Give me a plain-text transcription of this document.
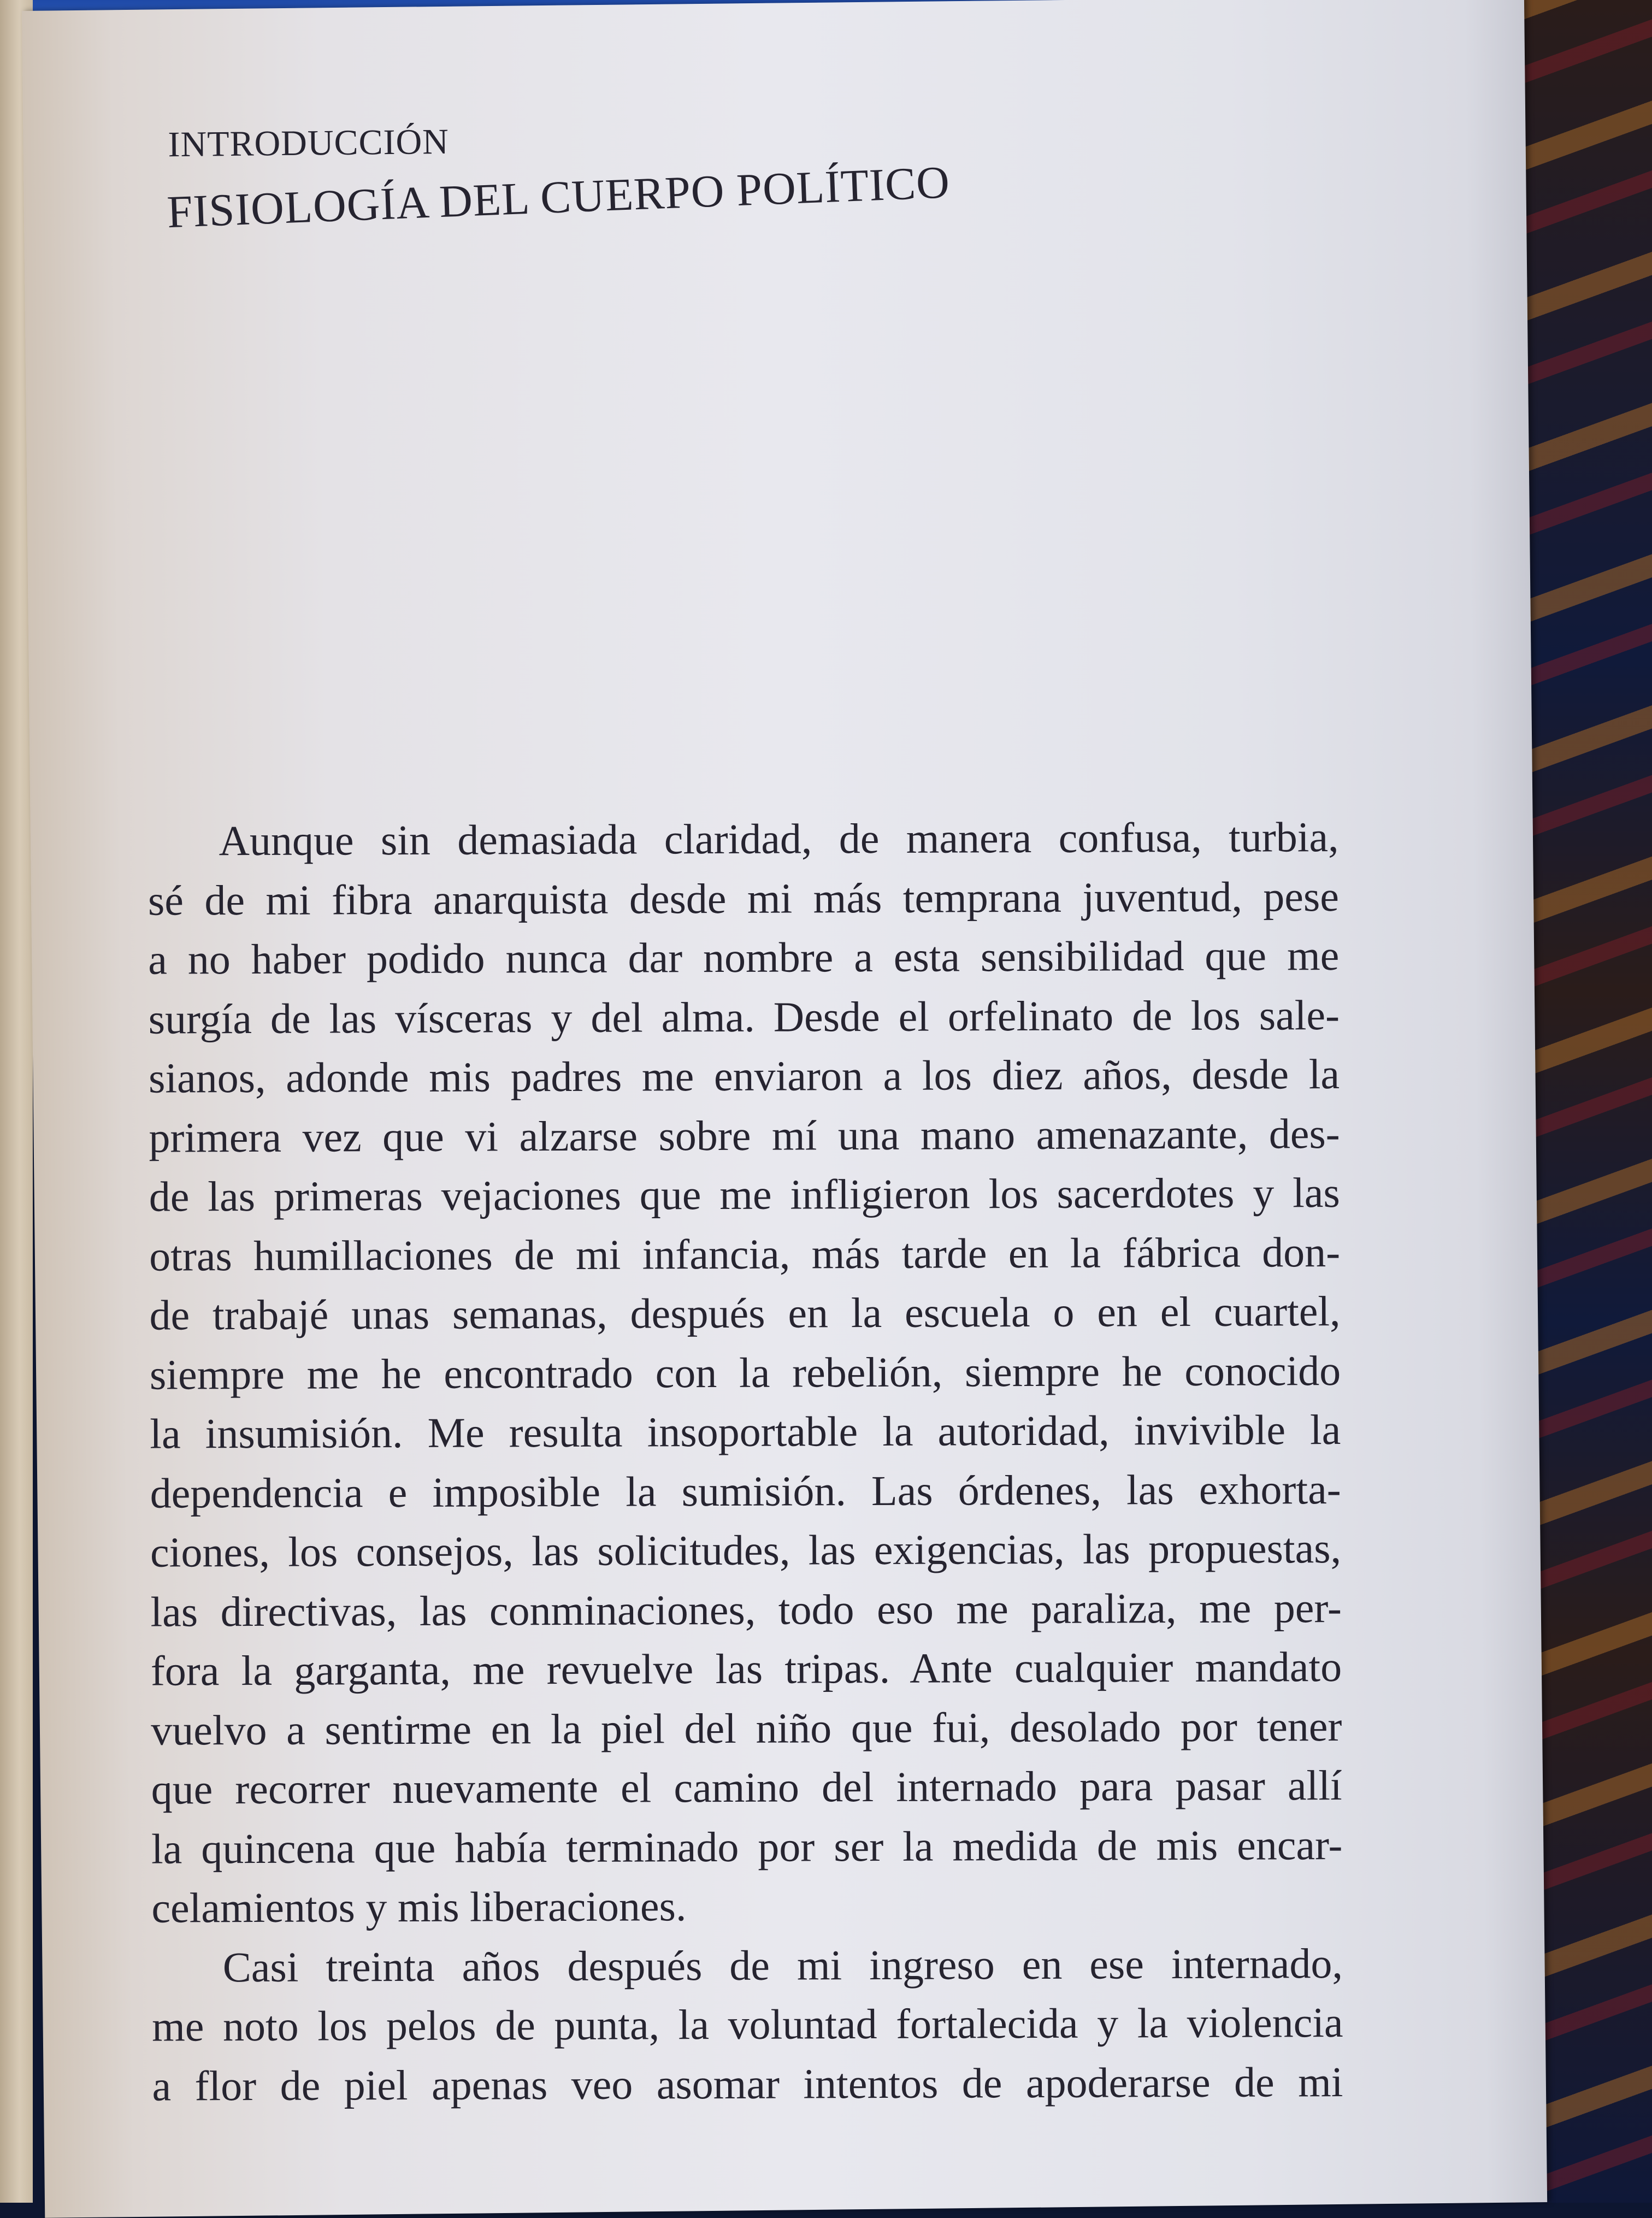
INTRODUCCIÓN
FISIOLOGÍA DEL CUERPO POLÍTICO
Aunque sin demasiada claridad, de manera confusa, turbia,
sé de mi fibra anarquista desde mi más temprana juventud, pese
a no haber podido nunca dar nombre a esta sensibilidad que me
surgía de las vísceras y del alma. Desde el orfelinato de los sale-
sianos, adonde mis padres me enviaron a los diez años, desde la
primera vez que vi alzarse sobre mí una mano amenazante, des-
de las primeras vejaciones que me infligieron los sacerdotes y las
otras humillaciones de mi infancia, más tarde en la fábrica don-
de trabajé unas semanas, después en la escuela o en el cuartel,
siempre me he encontrado con la rebelión, siempre he conocido
la insumisión. Me resulta insoportable la autoridad, invivible la
dependencia e imposible la sumisión. Las órdenes, las exhorta-
ciones, los consejos, las solicitudes, las exigencias, las propuestas,
las directivas, las conminaciones, todo eso me paraliza, me per-
fora la garganta, me revuelve las tripas. Ante cualquier mandato
vuelvo a sentirme en la piel del niño que fui, desolado por tener
que recorrer nuevamente el camino del internado para pasar allí
la quincena que había terminado por ser la medida de mis encar-
celamientos y mis liberaciones.
Casi treinta años después de mi ingreso en ese internado,
me noto los pelos de punta, la voluntad fortalecida y la violencia
a flor de piel apenas veo asomar intentos de apoderarse de mi
